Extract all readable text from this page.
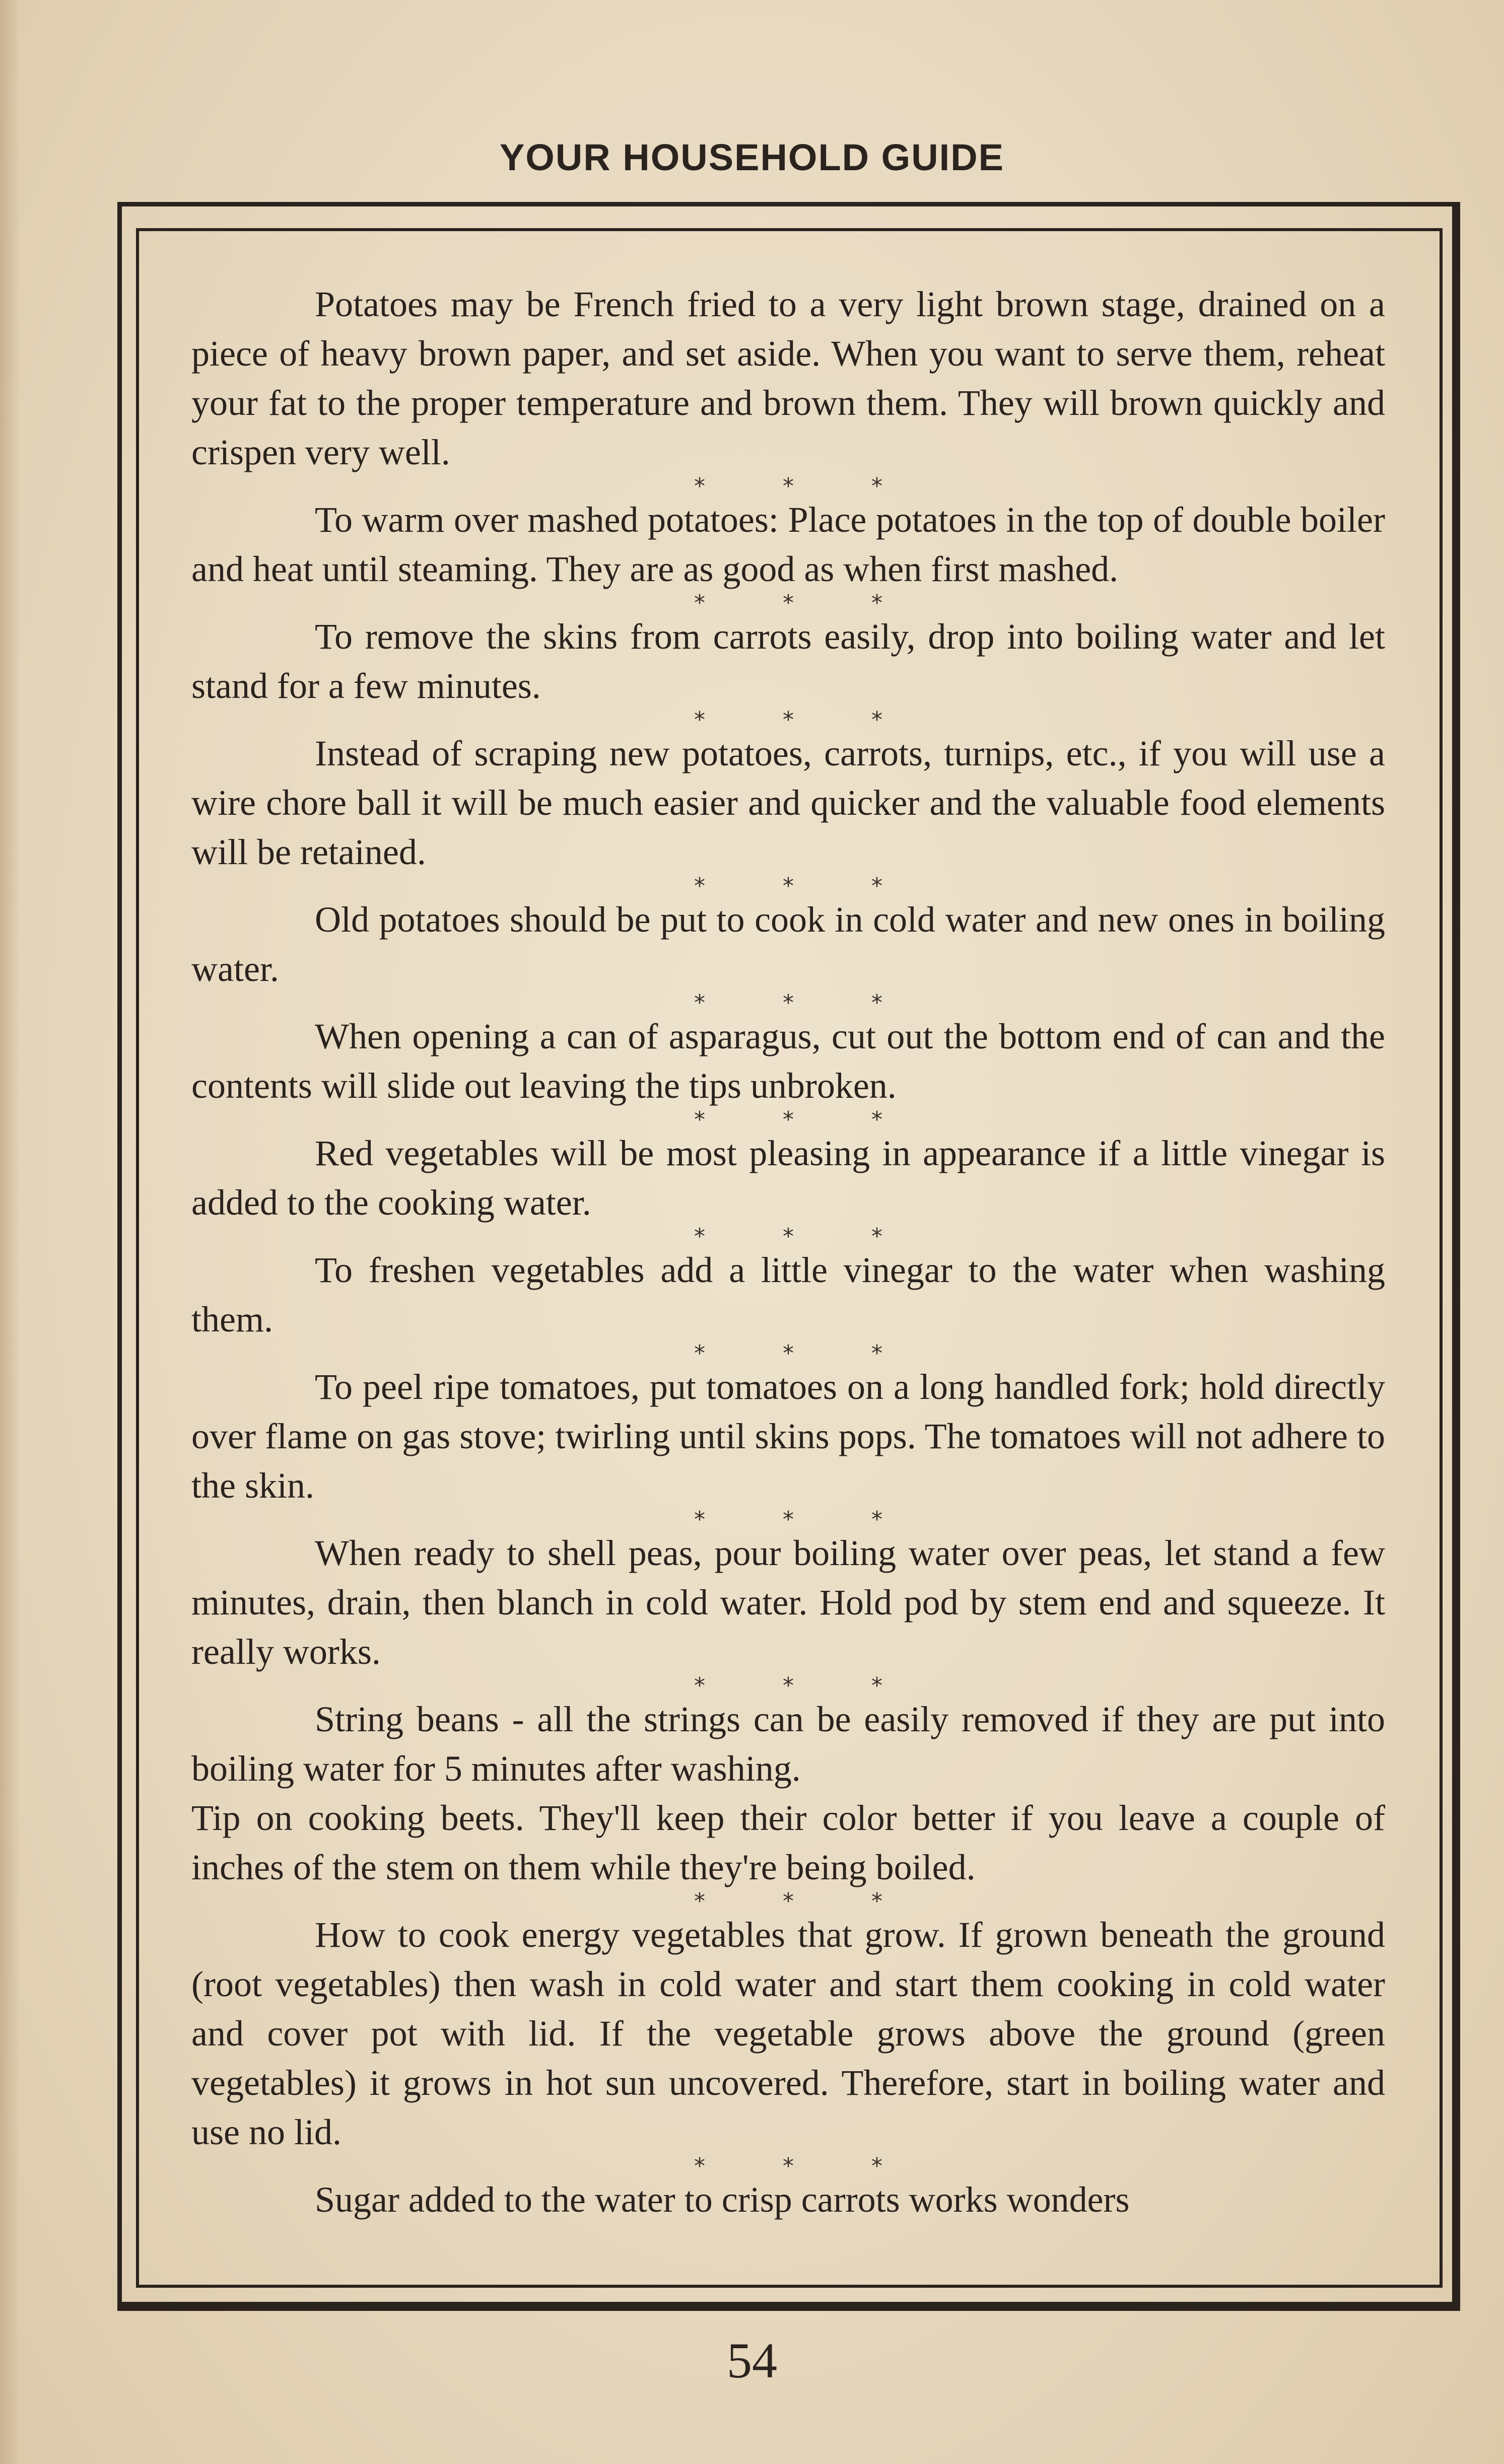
YOUR HOUSEHOLD GUIDE

Potatoes may be French fried to a very light brown stage, drained on a piece of heavy brown paper, and set aside. When you want to serve them, reheat your fat to the proper temperature and brown them. They will brown quickly and crispen very well.

* * *

To warm over mashed potatoes: Place potatoes in the top of double boiler and heat until steaming. They are as good as when first mashed.

* * *

To remove the skins from carrots easily, drop into boiling water and let stand for a few minutes.

* * *

Instead of scraping new potatoes, carrots, turnips, etc., if you will use a wire chore ball it will be much easier and quicker and the valuable food elements will be retained.

* * *

Old potatoes should be put to cook in cold water and new ones in boiling water.

* * *

When opening a can of asparagus, cut out the bottom end of can and the contents will slide out leaving the tips unbroken.

* * *

Red vegetables will be most pleasing in appearance if a little vinegar is added to the cooking water.

* * *

To freshen vegetables add a little vinegar to the water when washing them.

* * *

To peel ripe tomatoes, put tomatoes on a long handled fork; hold directly over flame on gas stove; twirling until skins pops. The tomatoes will not adhere to the skin.

* * *

When ready to shell peas, pour boiling water over peas, let stand a few minutes, drain, then blanch in cold water. Hold pod by stem end and squeeze. It really works.

* * *

String beans - all the strings can be easily removed if they are put into boiling water for 5 minutes after washing.

Tip on cooking beets. They'll keep their color better if you leave a couple of inches of the stem on them while they're being boiled.

* * *

How to cook energy vegetables that grow. If grown beneath the ground (root vegetables) then wash in cold water and start them cooking in cold water and cover pot with lid. If the vegetable grows above the ground (green vegetables) it grows in hot sun uncovered. Therefore, start in boiling water and use no lid.

* * *

Sugar added to the water to crisp carrots works wonders

54
